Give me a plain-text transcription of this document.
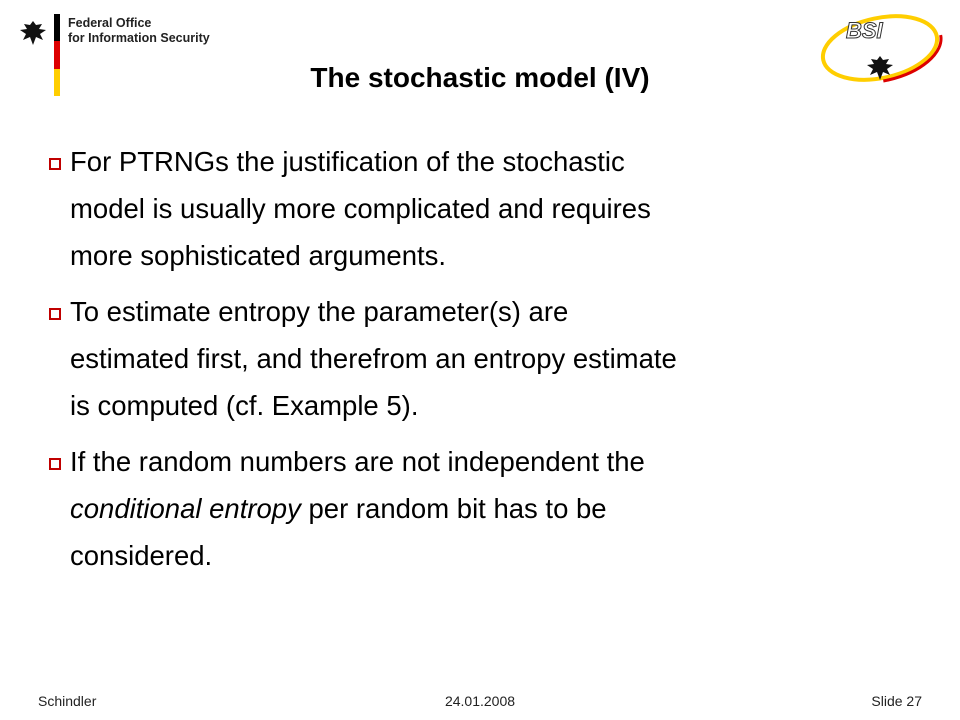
Federal Office
for Information Security	BSI
The stochastic model (IV)
For PTRNGs the justification of the stochastic
model is usually more complicated and requires
more sophisticated arguments.
To estimate entropy the parameter(s) are
estimated first, and therefrom an entropy estimate
is computed (cf. Example 5).
If the random numbers are not independent the
conditional entropy per random bit has to be
considered.
Schindler	24.01.2008	Slide 27
